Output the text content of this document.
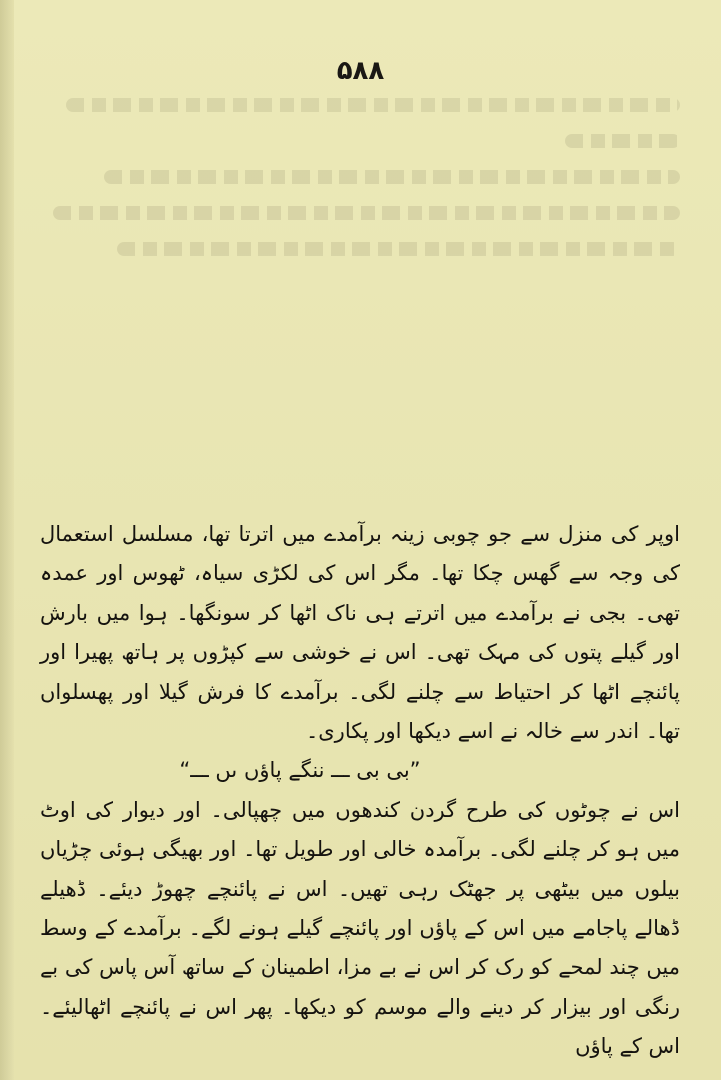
۵۸۸

اوپر کی منزل سے جو چوبی زینہ برآمدے میں اترتا تھا، مسلسل استعمال کی وجہ سے گھس چکا تھا۔ مگر اس کی لکڑی سیاہ، ٹھوس اور عمدہ تھی۔ بجی نے برآمدے میں اترتے ہی ناک اٹھا کر سونگھا۔ ہوا میں بارش اور گیلے پتوں کی مہک تھی۔ اس نے خوشی سے کپڑوں پر ہاتھ پھیرا اور پائنچے اٹھا کر احتیاط سے چلنے لگی۔ برآمدے کا فرش گیلا اور پھسلواں تھا۔ اندر سے خالہ نے اسے دیکھا اور پکاری۔

”بی بی ـــ ننگے پاؤں ںں ـــ“

اس نے چوٹوں کی طرح گردن کندھوں میں چھپالی۔ اور دیوار کی اوٹ میں ہو کر چلنے لگی۔ برآمدہ خالی اور طویل تھا۔ اور بھیگی ہوئی چڑیاں بیلوں میں بیٹھی پر جھٹک رہی تھیں۔ اس نے پائنچے چھوڑ دیئے۔ ڈھیلے ڈھالے پاجامے میں اس کے پاؤں اور پائنچے گیلے ہونے لگے۔ برآمدے کے وسط میں چند لمحے کو رک کر اس نے بے مزا، اطمینان کے ساتھ آس پاس کی بے رنگی اور بیزار کر دینے والے موسم کو دیکھا۔ پھر اس نے پائنچے اٹھالیئے۔ اس کے پاؤں
